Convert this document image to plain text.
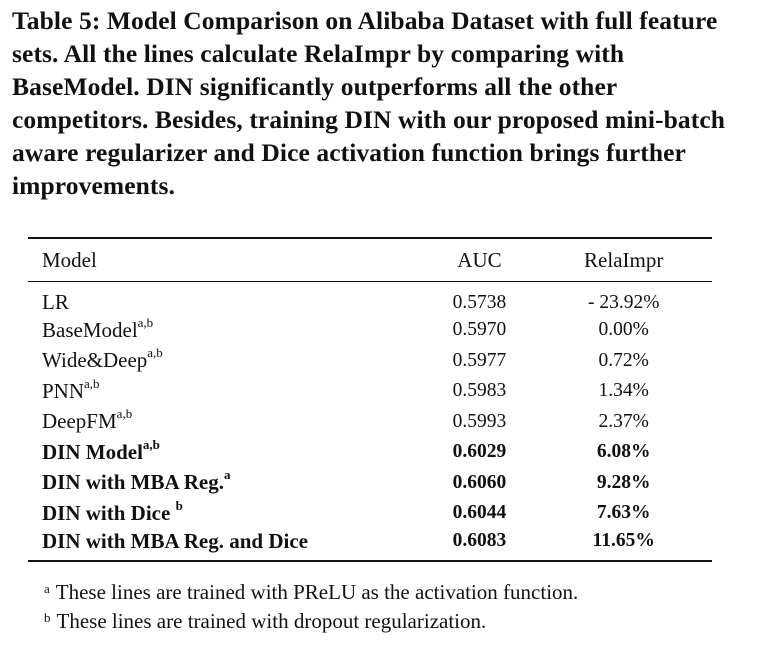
Table 5: Model Comparison on Alibaba Dataset with full feature sets. All the lines calculate RelaImpr by comparing with BaseModel. DIN significantly outperforms all the other competitors. Besides, training DIN with our proposed mini-batch aware regularizer and Dice activation function brings further improvements.
Model	AUC	RelaImpr
LR	0.5738	- 23.92%
BaseModel$^{a,b}$	0.5970	0.00%
Wide&Deep$^{a,b}$	0.5977	0.72%
PNN$^{a,b}$	0.5983	1.34%
DeepFM$^{a,b}$	0.5993	2.37%
DIN Model$^{a,b}$	0.6029	6.08%
DIN with MBA Reg.$^a$	0.6060	9.28%
DIN with Dice $^b$	0.6044	7.63%
DIN with MBA Reg. and Dice	0.6083	11.65%
a These lines are trained with PReLU as the activation function.
b These lines are trained with dropout regularization.
